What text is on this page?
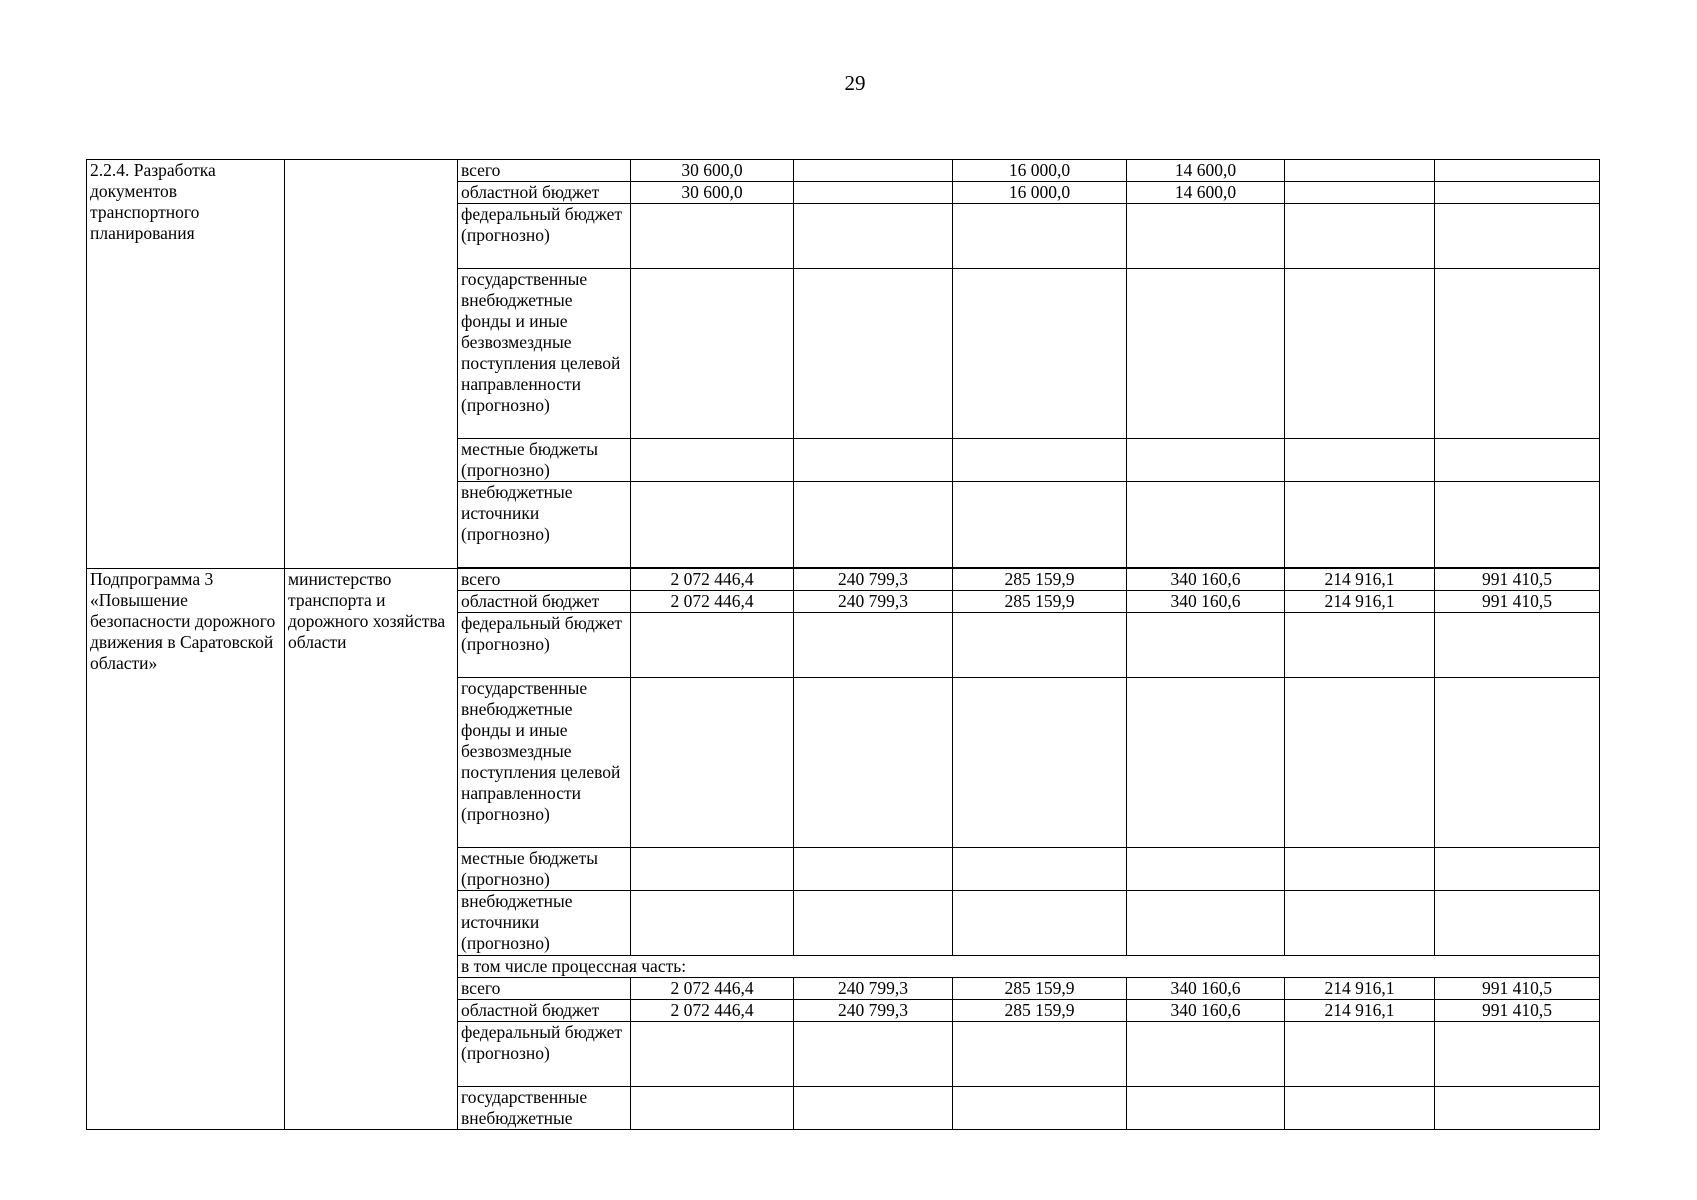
29
2.2.4. Разработка документов транспортного планирования		всего	30 600,0		16 000,0	14 600,0		
		областной бюджет	30 600,0		16 000,0	14 600,0		
		федеральный бюджет (прогнозно)						
		государственные внебюджетные фонды и иные безвозмездные поступления целевой направленности (прогнозно)						
		местные бюджеты (прогнозно)						
		внебюджетные источники (прогнозно)						

Подпрограмма 3 «Повышение безопасности дорожного движения в Саратовской области»	министерство транспорта и дорожного хозяйства области	всего	2 072 446,4	240 799,3	285 159,9	340 160,6	214 916,1	991 410,5
		областной бюджет	2 072 446,4	240 799,3	285 159,9	340 160,6	214 916,1	991 410,5
		федеральный бюджет (прогнозно)						
		государственные внебюджетные фонды и иные безвозмездные поступления целевой направленности (прогнозно)						
		местные бюджеты (прогнозно)						
		внебюджетные источники (прогнозно)						
		в том числе процессная часть:						
		всего	2 072 446,4	240 799,3	285 159,9	340 160,6	214 916,1	991 410,5
		областной бюджет	2 072 446,4	240 799,3	285 159,9	340 160,6	214 916,1	991 410,5
		федеральный бюджет (прогнозно)						
		государственные внебюджетные						
